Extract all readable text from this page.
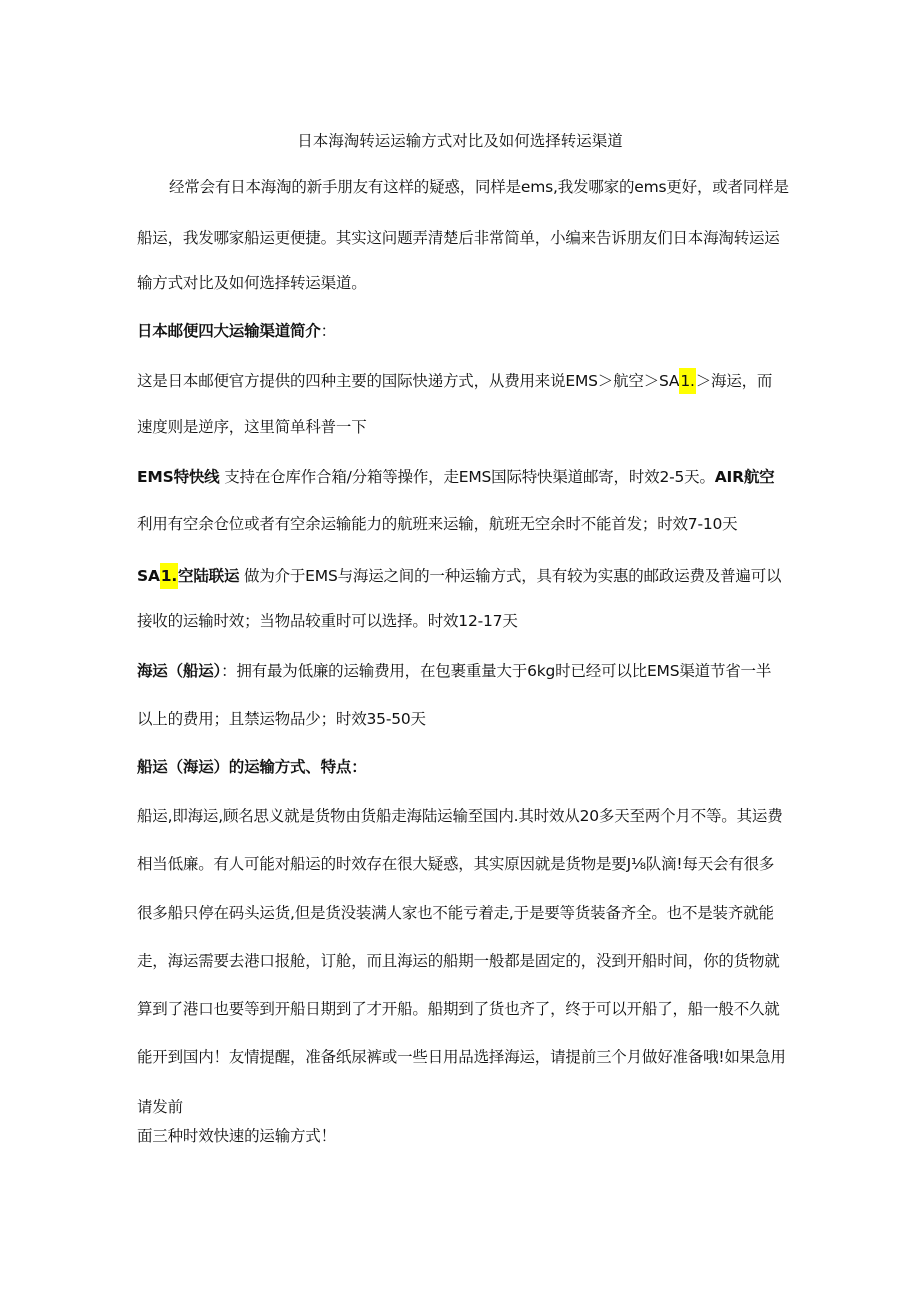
日本海淘转运运输方式对比及如何选择转运渠道
经常会有日本海淘的新手朋友有这样的疑惑，同样是ems,我发哪家的ems更好，或者同样是
船运，我发哪家船运更便捷。其实这问题弄清楚后非常简单，小编来告诉朋友们日本海淘转运运
输方式对比及如何选择转运渠道。
日本邮便四大运输渠道简介：
这是日本邮便官方提供的四种主要的国际快递方式，从费用来说EMS＞航空＞SA1.＞海运，而
速度则是逆序，这里简单科普一下
EMS特快线 支持在仓库作合箱/分箱等操作，走EMS国际特快渠道邮寄，时效2-5天。AIR航空
利用有空余仓位或者有空余运输能力的航班来运输，航班无空余时不能首发；时效7-10天
SA1.空陆联运 做为介于EMS与海运之间的一种运输方式，具有较为实惠的邮政运费及普遍可以
接收的运输时效；当物品较重时可以选择。时效12-17天
海运（船运）：拥有最为低廉的运输费用，在包裹重量大于6kg时已经可以比EMS渠道节省一半
以上的费用；且禁运物品少；时效35-50天
船运（海运）的运输方式、特点：
船运,即海运,顾名思义就是货物由货船走海陆运输至国内.其时效从20多天至两个月不等。其运费
相当低廉。有人可能对船运的时效存在很大疑惑，其实原因就是货物是要J⅛队滴!每天会有很多
很多船只停在码头运货,但是货没装满人家也不能亏着走,于是要等货装备齐全。也不是装齐就能
走，海运需要去港口报舱，订舱，而且海运的船期一般都是固定的，没到开船时间，你的货物就
算到了港口也要等到开船日期到了才开船。船期到了货也齐了，终于可以开船了，船一般不久就
能开到国内！友情提醒，准备纸尿裤或一些日用品选择海运，请提前三个月做好准备哦!如果急用
请发前
面三种时效快速的运输方式！
